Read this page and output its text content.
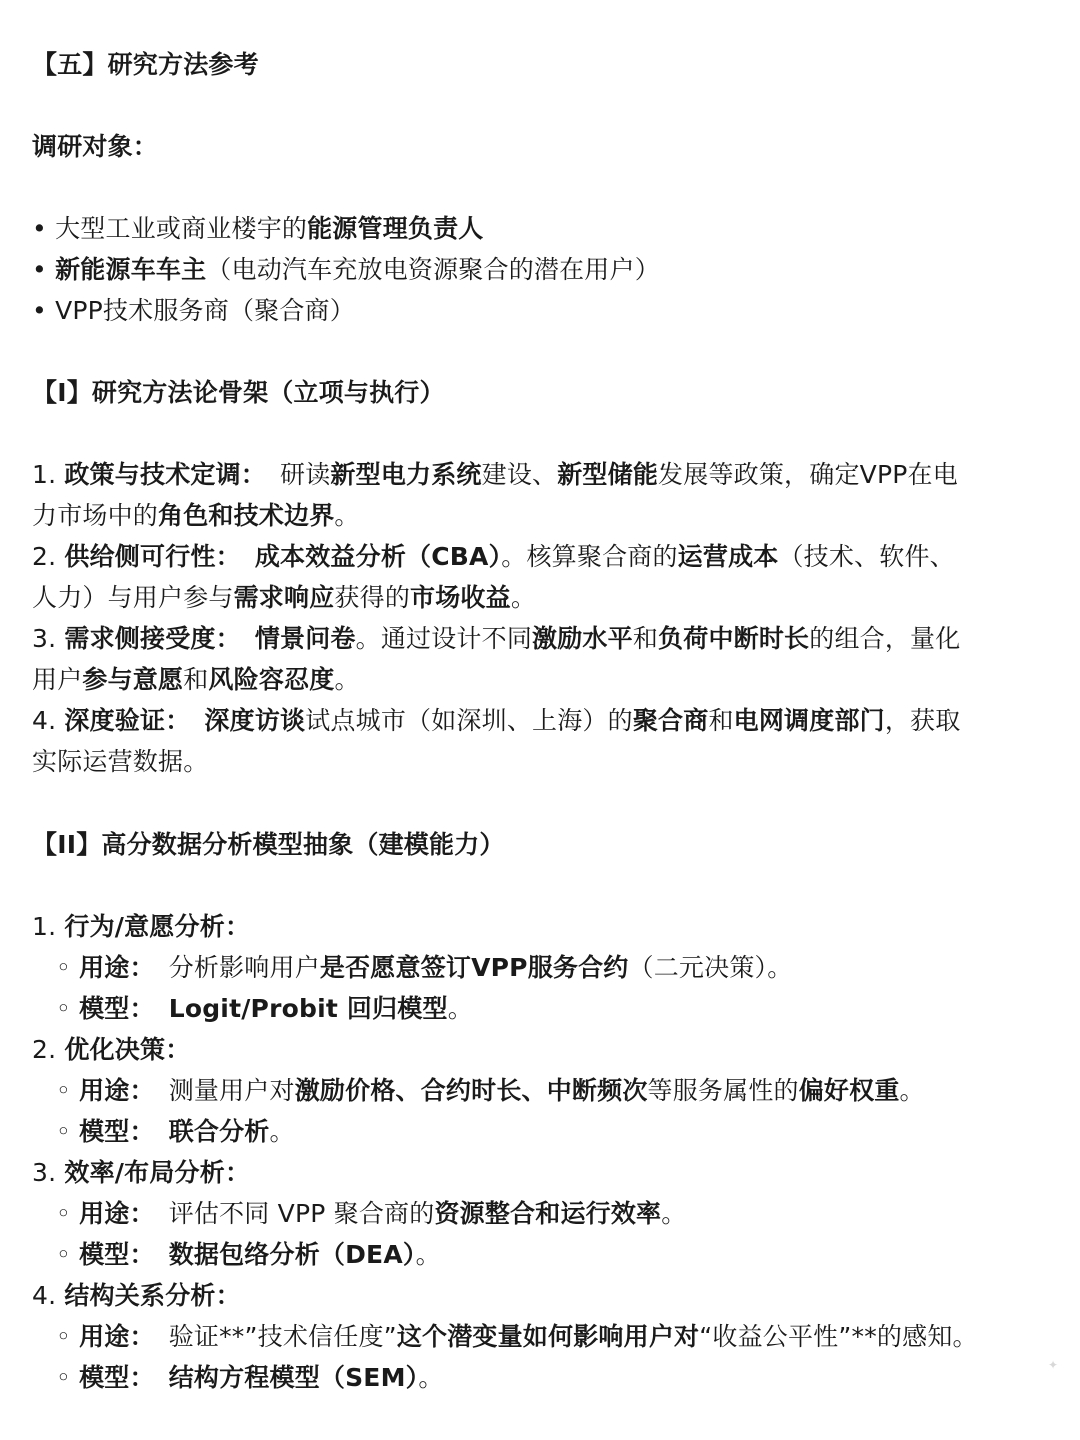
【五】研究方法参考
调研对象：
• 大型工业或商业楼宇的能源管理负责人
• 新能源车车主（电动汽车充放电资源聚合的潜在用户）
• VPP技术服务商（聚合商）
【I】研究方法论骨架（立项与执行）
1. 政策与技术定调： 研读新型电力系统建设、新型储能发展等政策，确定VPP在电
力市场中的角色和技术边界。
2. 供给侧可行性： 成本效益分析（CBA）。核算聚合商的运营成本（技术、软件、
人力）与用户参与需求响应获得的市场收益。
3. 需求侧接受度： 情景问卷。通过设计不同激励水平和负荷中断时长的组合，量化
用户参与意愿和风险容忍度。
4. 深度验证： 深度访谈试点城市（如深圳、上海）的聚合商和电网调度部门，获取
实际运营数据。
【II】高分数据分析模型抽象（建模能力）
1. 行为/意愿分析：
◦ 用途： 分析影响用户是否愿意签订VPP服务合约（二元决策）。
◦ 模型： Logit/Probit 回归模型。
2. 优化决策：
◦ 用途： 测量用户对激励价格、合约时长、中断频次等服务属性的偏好权重。
◦ 模型： 联合分析。
3. 效率/布局分析：
◦ 用途： 评估不同 VPP 聚合商的资源整合和运行效率。
◦ 模型： 数据包络分析（DEA）。
4. 结构关系分析：
◦ 用途： 验证**”技术信任度”这个潜变量如何影响用户对“收益公平性”**的感知。
◦ 模型： 结构方程模型（SEM）。	✦
